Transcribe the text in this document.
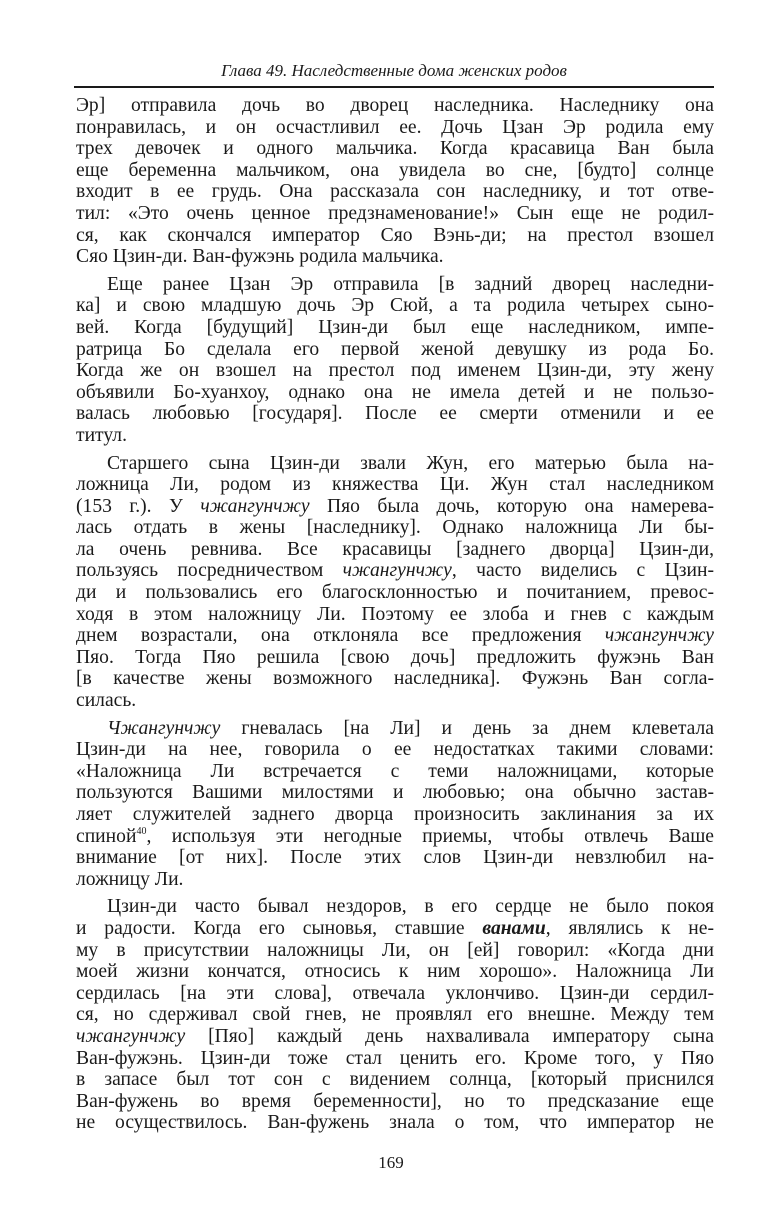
Глава 49. Наследственные дома женских родов
Эр] отправила дочь во дворец наследника. Наследнику она
понравилась, и он осчастливил ее. Дочь Цзан Эр родила ему
трех девочек и одного мальчика. Когда красавица Ван была
еще беременна мальчиком, она увидела во сне, [будто] солнце
входит в ее грудь. Она рассказала сон наследнику, и тот отве-
тил: «Это очень ценное предзнаменование!» Сын еще не родил-
ся, как скончался император Сяо Вэнь-ди; на престол взошел
Сяо Цзин-ди. Ван-фужэнь родила мальчика.
Еще ранее Цзан Эр отправила [в задний дворец наследни-
ка] и свою младшую дочь Эр Сюй, а та родила четырех сыно-
вей. Когда [будущий] Цзин-ди был еще наследником, импе-
ратрица Бо сделала его первой женой девушку из рода Бо.
Когда же он взошел на престол под именем Цзин-ди, эту жену
объявили Бо-хуанхоу, однако она не имела детей и не пользо-
валась любовью [государя]. После ее смерти отменили и ее
титул.
Старшего сына Цзин-ди звали Жун, его матерью была на-
ложница Ли, родом из княжества Ци. Жун стал наследником
(153 г.). У чжангунчжу Пяо была дочь, которую она намерева-
лась отдать в жены [наследнику]. Однако наложница Ли бы-
ла очень ревнива. Все красавицы [заднего дворца] Цзин-ди,
пользуясь посредничеством чжангунчжу, часто виделись с Цзин-
ди и пользовались его благосклонностью и почитанием, превос-
ходя в этом наложницу Ли. Поэтому ее злоба и гнев с каждым
днем возрастали, она отклоняла все предложения чжангунчжу
Пяо. Тогда Пяо решила [свою дочь] предложить фужэнь Ван
[в качестве жены возможного наследника]. Фужэнь Ван согла-
силась.
Чжангунчжу гневалась [на Ли] и день за днем клеветала
Цзин-ди на нее, говорила о ее недостатках такими словами:
«Наложница Ли встречается с теми наложницами, которые
пользуются Вашими милостями и любовью; она обычно застав-
ляет служителей заднего дворца произносить заклинания за их
спиной$^{40}$, используя эти негодные приемы, чтобы отвлечь Ваше
внимание [от них]. После этих слов Цзин-ди невзлюбил на-
ложницу Ли.
Цзин-ди часто бывал нездоров, в его сердце не было покоя
и радости. Когда его сыновья, ставшие ванами, являлись к не-
му в присутствии наложницы Ли, он [ей] говорил: «Когда дни
моей жизни кончатся, относись к ним хорошо». Наложница Ли
сердилась [на эти слова], отвечала уклончиво. Цзин-ди сердил-
ся, но сдерживал свой гнев, не проявлял его внешне. Между тем
чжангунчжу [Пяо] каждый день нахваливала императору сына
Ван-фужэнь. Цзин-ди тоже стал ценить его. Кроме того, у Пяо
в запасе был тот сон с видением солнца, [который приснился
Ван-фужень во время беременности], но то предсказание еще
не осуществилось. Ван-фужень знала о том, что император не
169
